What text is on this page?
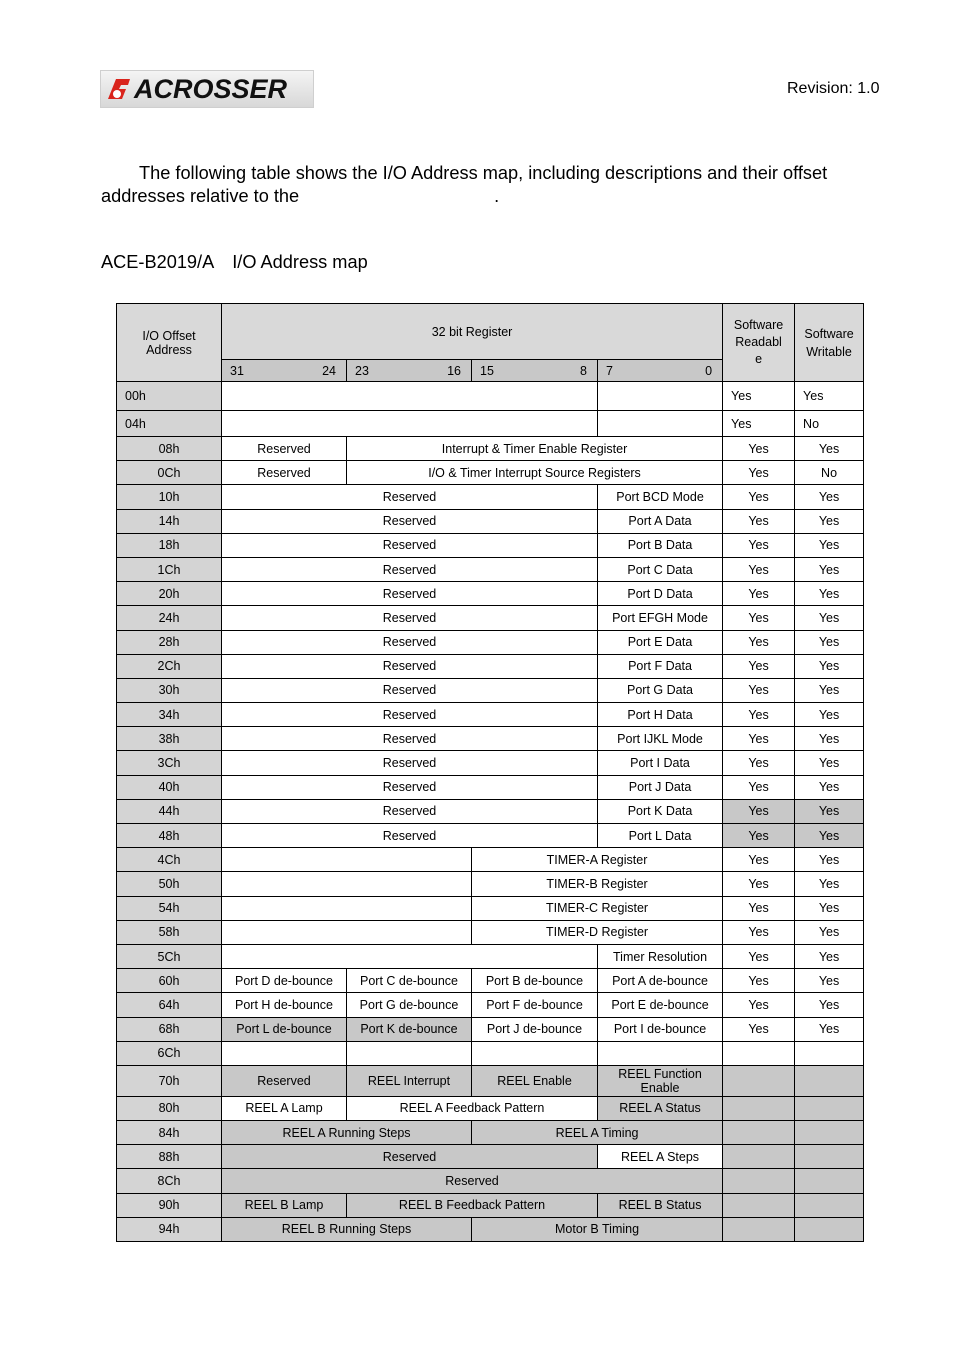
ACROSSER	Revision: 1.0
The following table shows the I/O Address map, including descriptions and their offset
addresses relative to the	.
ACE-B2019/A I/O Address map
I/O Offset Address	32 bit Register				Software Readabl e	Software Writable

	31 24	23 16	15 8	7 0		

00h					Yes	Yes
04h					Yes	No
08h	Reserved	Interrupt & Timer Enable Register			Yes	Yes
0Ch	Reserved	I/O & Timer Interrupt Source Registers			Yes	No
10h	Reserved			Port BCD Mode	Yes	Yes
14h	Reserved			Port A Data	Yes	Yes
18h	Reserved			Port B Data	Yes	Yes
1Ch	Reserved			Port C Data	Yes	Yes
20h	Reserved			Port D Data	Yes	Yes
24h	Reserved			Port EFGH Mode	Yes	Yes
28h	Reserved			Port E Data	Yes	Yes
2Ch	Reserved			Port F Data	Yes	Yes
30h	Reserved			Port G Data	Yes	Yes
34h	Reserved			Port H Data	Yes	Yes
38h	Reserved			Port IJKL Mode	Yes	Yes
3Ch	Reserved			Port I Data	Yes	Yes
40h	Reserved			Port J Data	Yes	Yes
44h	Reserved			Port K Data	Yes	Yes
48h	Reserved			Port L Data	Yes	Yes
4Ch			TIMER-A Register		Yes	Yes
50h			TIMER-B Register		Yes	Yes
54h			TIMER-C Register		Yes	Yes
58h			TIMER-D Register		Yes	Yes
5Ch				Timer Resolution	Yes	Yes
60h	Port D de-bounce	Port C de-bounce	Port B de-bounce	Port A de-bounce	Yes	Yes
64h	Port H de-bounce	Port G de-bounce	Port F de-bounce	Port E de-bounce	Yes	Yes
68h	Port L de-bounce	Port K de-bounce	Port J de-bounce	Port I de-bounce	Yes	Yes
6Ch						
70h	Reserved	REEL Interrupt	REEL Enable	REEL Function Enable		
80h	REEL A Lamp	REEL A Feedback Pattern		REEL A Status		
84h	REEL A Running Steps		REEL A Timing			
88h	Reserved			REEL A Steps		
8Ch	Reserved					
90h	REEL B Lamp	REEL B Feedback Pattern		REEL B Status		
94h	REEL B Running Steps		Motor B Timing			
